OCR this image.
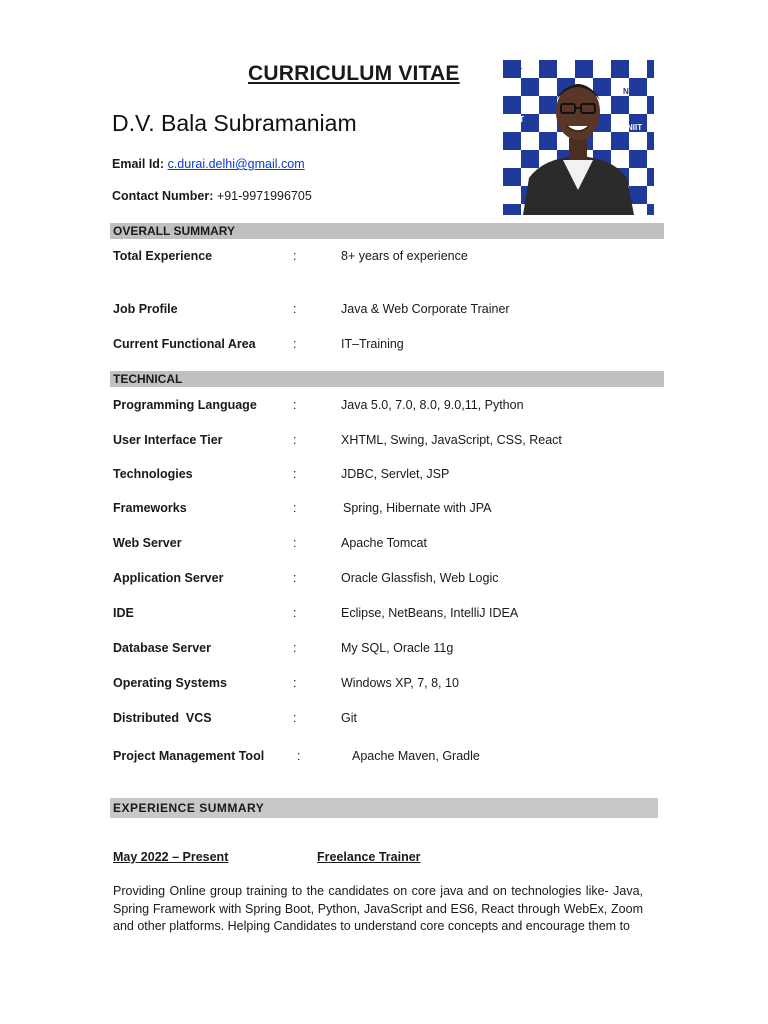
CURRICULUM VITAE
D.V. Bala Subramaniam
Email Id: c.durai.delhi@gmail.com
Contact Number: +91-9971996705
NIIT
NIIT
NIIT
NIIT
OVERALL SUMMARY
Total Experience	:	8+ years of experience
Job Profile	:	Java & Web Corporate Trainer
Current Functional Area	:	IT–Training
TECHNICAL
Programming Language	:	Java 5.0, 7.0, 8.0, 9.0,11, Python
User Interface Tier	:	XHTML, Swing, JavaScript, CSS, React
Technologies	:	JDBC, Servlet, JSP
Frameworks	:	Spring, Hibernate with JPA
Web Server	:	Apache Tomcat
Application Server	:	Oracle Glassfish, Web Logic
IDE	:	Eclipse, NetBeans, IntelliJ IDEA
Database Server	:	My SQL, Oracle 11g
Operating Systems	:	Windows XP, 7, 8, 10
Distributed  VCS	:	Git
Project Management Tool	:	Apache Maven, Gradle
EXPERIENCE SUMMARY
May 2022 – Present	Freelance Trainer
Providing Online group training to the candidates on core java and on technologies like- Java, Spring Framework with Spring Boot, Python, JavaScript and ES6, React through WebEx, Zoom and other platforms. Helping Candidates to understand core concepts and encourage them to
